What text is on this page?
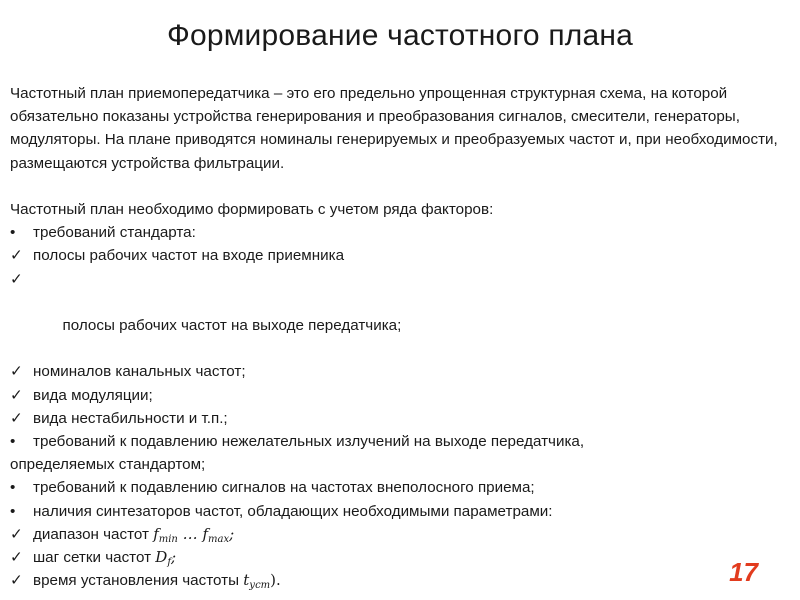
Формирование частотного плана

Частотный план приемопередатчика – это его предельно упрощенная структурная схема, на которой обязательно показаны устройства генерирования и преобразования сигналов, смесители, генераторы, модуляторы. На плане приводятся номиналы генерируемых и преобразуемых частот и, при необходимости, размещаются устройства фильтрации.

Частотный план необходимо формировать с учетом ряда факторов:

•	требований стандарта:
✓ полосы рабочих частот на входе приемника

✓

полосы рабочих частот на выходе передатчика;

✓ номиналов канальных частот;
✓ вида модуляции;
✓ вида нестабильности и т.п.;
•	требований к подавлению нежелательных излучений на выходе передатчика,
определяемых стандартом;
•	требований к подавлению сигналов на частотах внеполосного приема;
•	наличия синтезаторов частот, обладающих необходимыми параметрами:
✓ диапазон частот $f_{min}$ … $f_{max}$;
✓ шаг сетки частот $D_f$;
✓ время установления частоты $t_{уст}$).	17
